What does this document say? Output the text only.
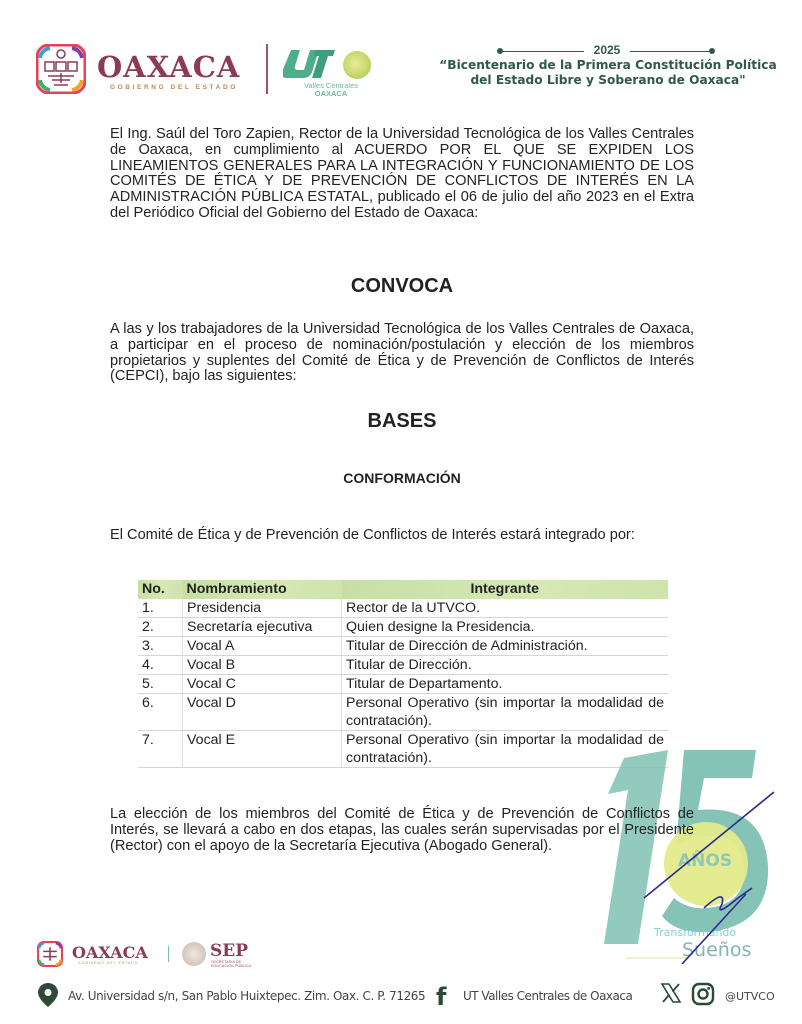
OAXACA
GOBIERNO DEL ESTADO	Valles Centrales
OAXACA
2025
“Bicentenario de la Primera Constitución Política del Estado Libre y Soberano de Oaxaca"
El Ing. Saúl del Toro Zapien, Rector de la Universidad Tecnológica de los Valles Centrales de Oaxaca, en cumplimiento al ACUERDO POR EL QUE SE EXPIDEN LOS LINEAMIENTOS GENERALES PARA LA INTEGRACIÓN Y FUNCIONAMIENTO DE LOS COMITÉS DE ÉTICA Y DE PREVENCIÓN DE CONFLICTOS DE INTERÉS EN LA ADMINISTRACIÓN PÚBLICA ESTATAL, publicado el 06 de julio del año 2023 en el Extra del Periódico Oficial del Gobierno del Estado de Oaxaca:
CONVOCA
A las y los trabajadores de la Universidad Tecnológica de los Valles Centrales de Oaxaca, a participar en el proceso de nominación/postulación y elección de los miembros propietarios y suplentes del Comité de Ética y de Prevención de Conflictos de Interés (CEPCI), bajo las siguientes:
BASES
CONFORMACIÓN
El Comité de Ética y de Prevención de Conflictos de Interés estará integrado por:
No.	Nombramiento	Integrante
1.	Presidencia	Rector de la UTVCO.
2.	Secretaría ejecutiva	Quien designe la Presidencia.
3.	Vocal A	Titular de Dirección de Administración.
4.	Vocal B	Titular de Dirección.
5.	Vocal C	Titular de Departamento.
6.	Vocal D	Personal Operativo (sin importar la modalidad de contratación).
7.	Vocal E	Personal Operativo (sin importar la modalidad de contratación).
AÑOS
15
Transformando
Sueños
La elección de los miembros del Comité de Ética y de Prevención de Conflictos de Interés, se llevará a cabo en dos etapas, las cuales serán supervisadas por el Presidente (Rector) con el apoyo de la Secretaría Ejecutiva (Abogado General).
OAXACA
GOBIERNO DEL ESTADO
SEP
SECRETARÍA DE
EDUCACIÓN PÚBLICA
Av. Universidad s/n, San Pablo Huixtepec. Zim. Oax. C. P. 71265 f UT Valles Centrales de Oaxaca	@UTVCO
